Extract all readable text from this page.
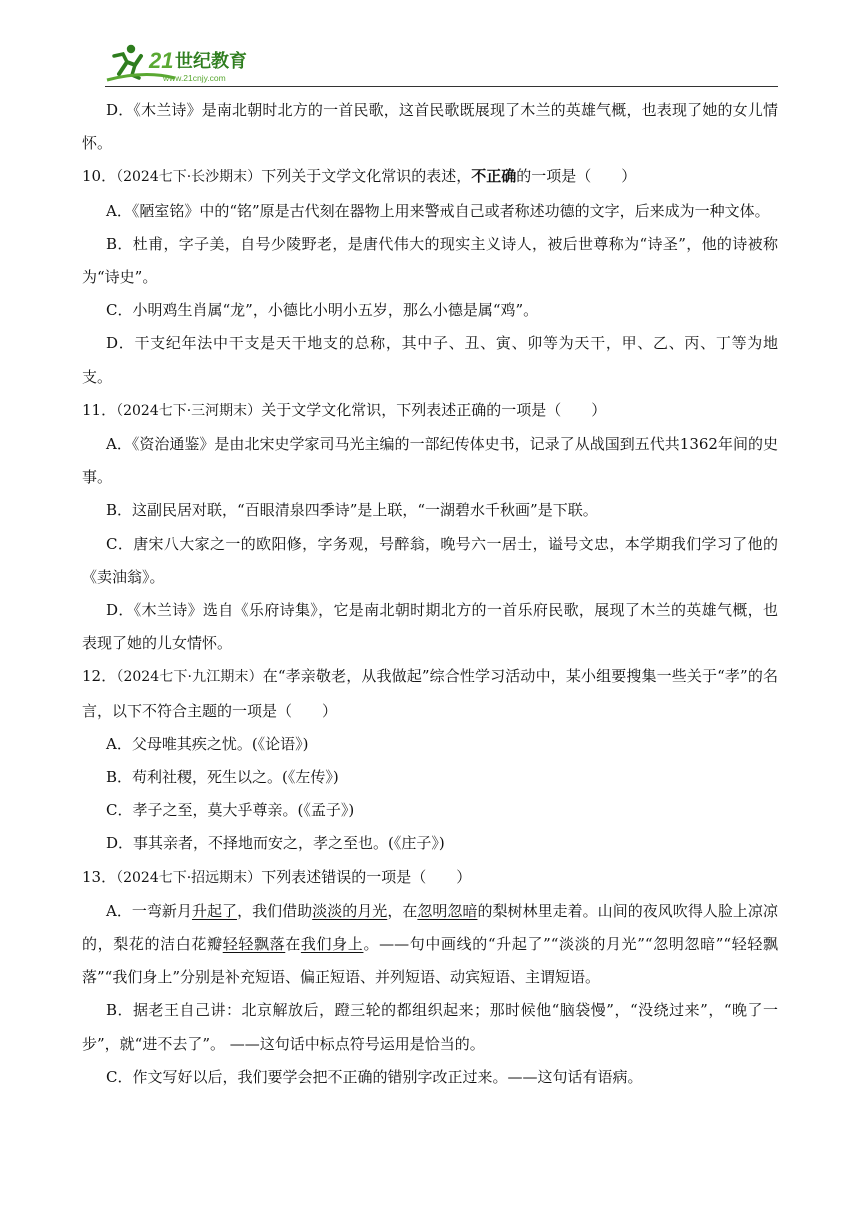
21 世纪教育
www.21cnjy.com

D．《木兰诗》是南北朝时北方的一首民歌，这首民歌既展现了木兰的英雄气概，也表现了她的女儿情怀。

10．（2024七下·长沙期末）下列关于文学文化常识的表述，不正确的一项是（　　）

A．《陋室铭》中的“铭”原是古代刻在器物上用来警戒自己或者称述功德的文字，后来成为一种文体。

B．杜甫，字子美，自号少陵野老，是唐代伟大的现实主义诗人，被后世尊称为“诗圣”，他的诗被称为“诗史”。

C．小明鸡生肖属“龙”，小德比小明小五岁，那么小德是属“鸡”。

D．干支纪年法中干支是天干地支的总称，其中子、丑、寅、卯等为天干，甲、乙、丙、丁等为地支。

11．（2024七下·三河期末）关于文学文化常识，下列表述正确的一项是（　　）

A．《资治通鉴》是由北宋史学家司马光主编的一部纪传体史书，记录了从战国到五代共1362年间的史事。

B．这副民居对联，“百眼清泉四季诗”是上联，“一湖碧水千秋画”是下联。

C．唐宋八大家之一的欧阳修，字务观，号醉翁，晚号六一居士，谥号文忠，本学期我们学习了他的《卖油翁》。

D．《木兰诗》选自《乐府诗集》，它是南北朝时期北方的一首乐府民歌，展现了木兰的英雄气概，也表现了她的儿女情怀。

12．（2024七下·九江期末）在“孝亲敬老，从我做起”综合性学习活动中，某小组要搜集一些关于“孝”的名言，以下不符合主题的一项是（　　）

A．父母唯其疾之忧。(《论语》)

B．苟利社稷，死生以之。(《左传》)

C．孝子之至，莫大乎尊亲。(《孟子》)

D．事其亲者，不择地而安之，孝之至也。(《庄子》)

13．（2024七下·招远期末）下列表述错误的一项是（　　）

A．一弯新月升起了，我们借助淡淡的月光，在忽明忽暗的梨树林里走着。山间的夜风吹得人脸上凉凉的，梨花的洁白花瓣轻轻飘落在我们身上。——句中画线的“升起了”“淡淡的月光”“忽明忽暗”“轻轻飘落”“我们身上”分别是补充短语、偏正短语、并列短语、动宾短语、主谓短语。

B．据老王自己讲：北京解放后，蹬三轮的都组织起来；那时候他“脑袋慢”，“没绕过来”，“晚了一步”，就“进不去了”。 ——这句话中标点符号运用是恰当的。

C．作文写好以后，我们要学会把不正确的错别字改正过来。——这句话有语病。
